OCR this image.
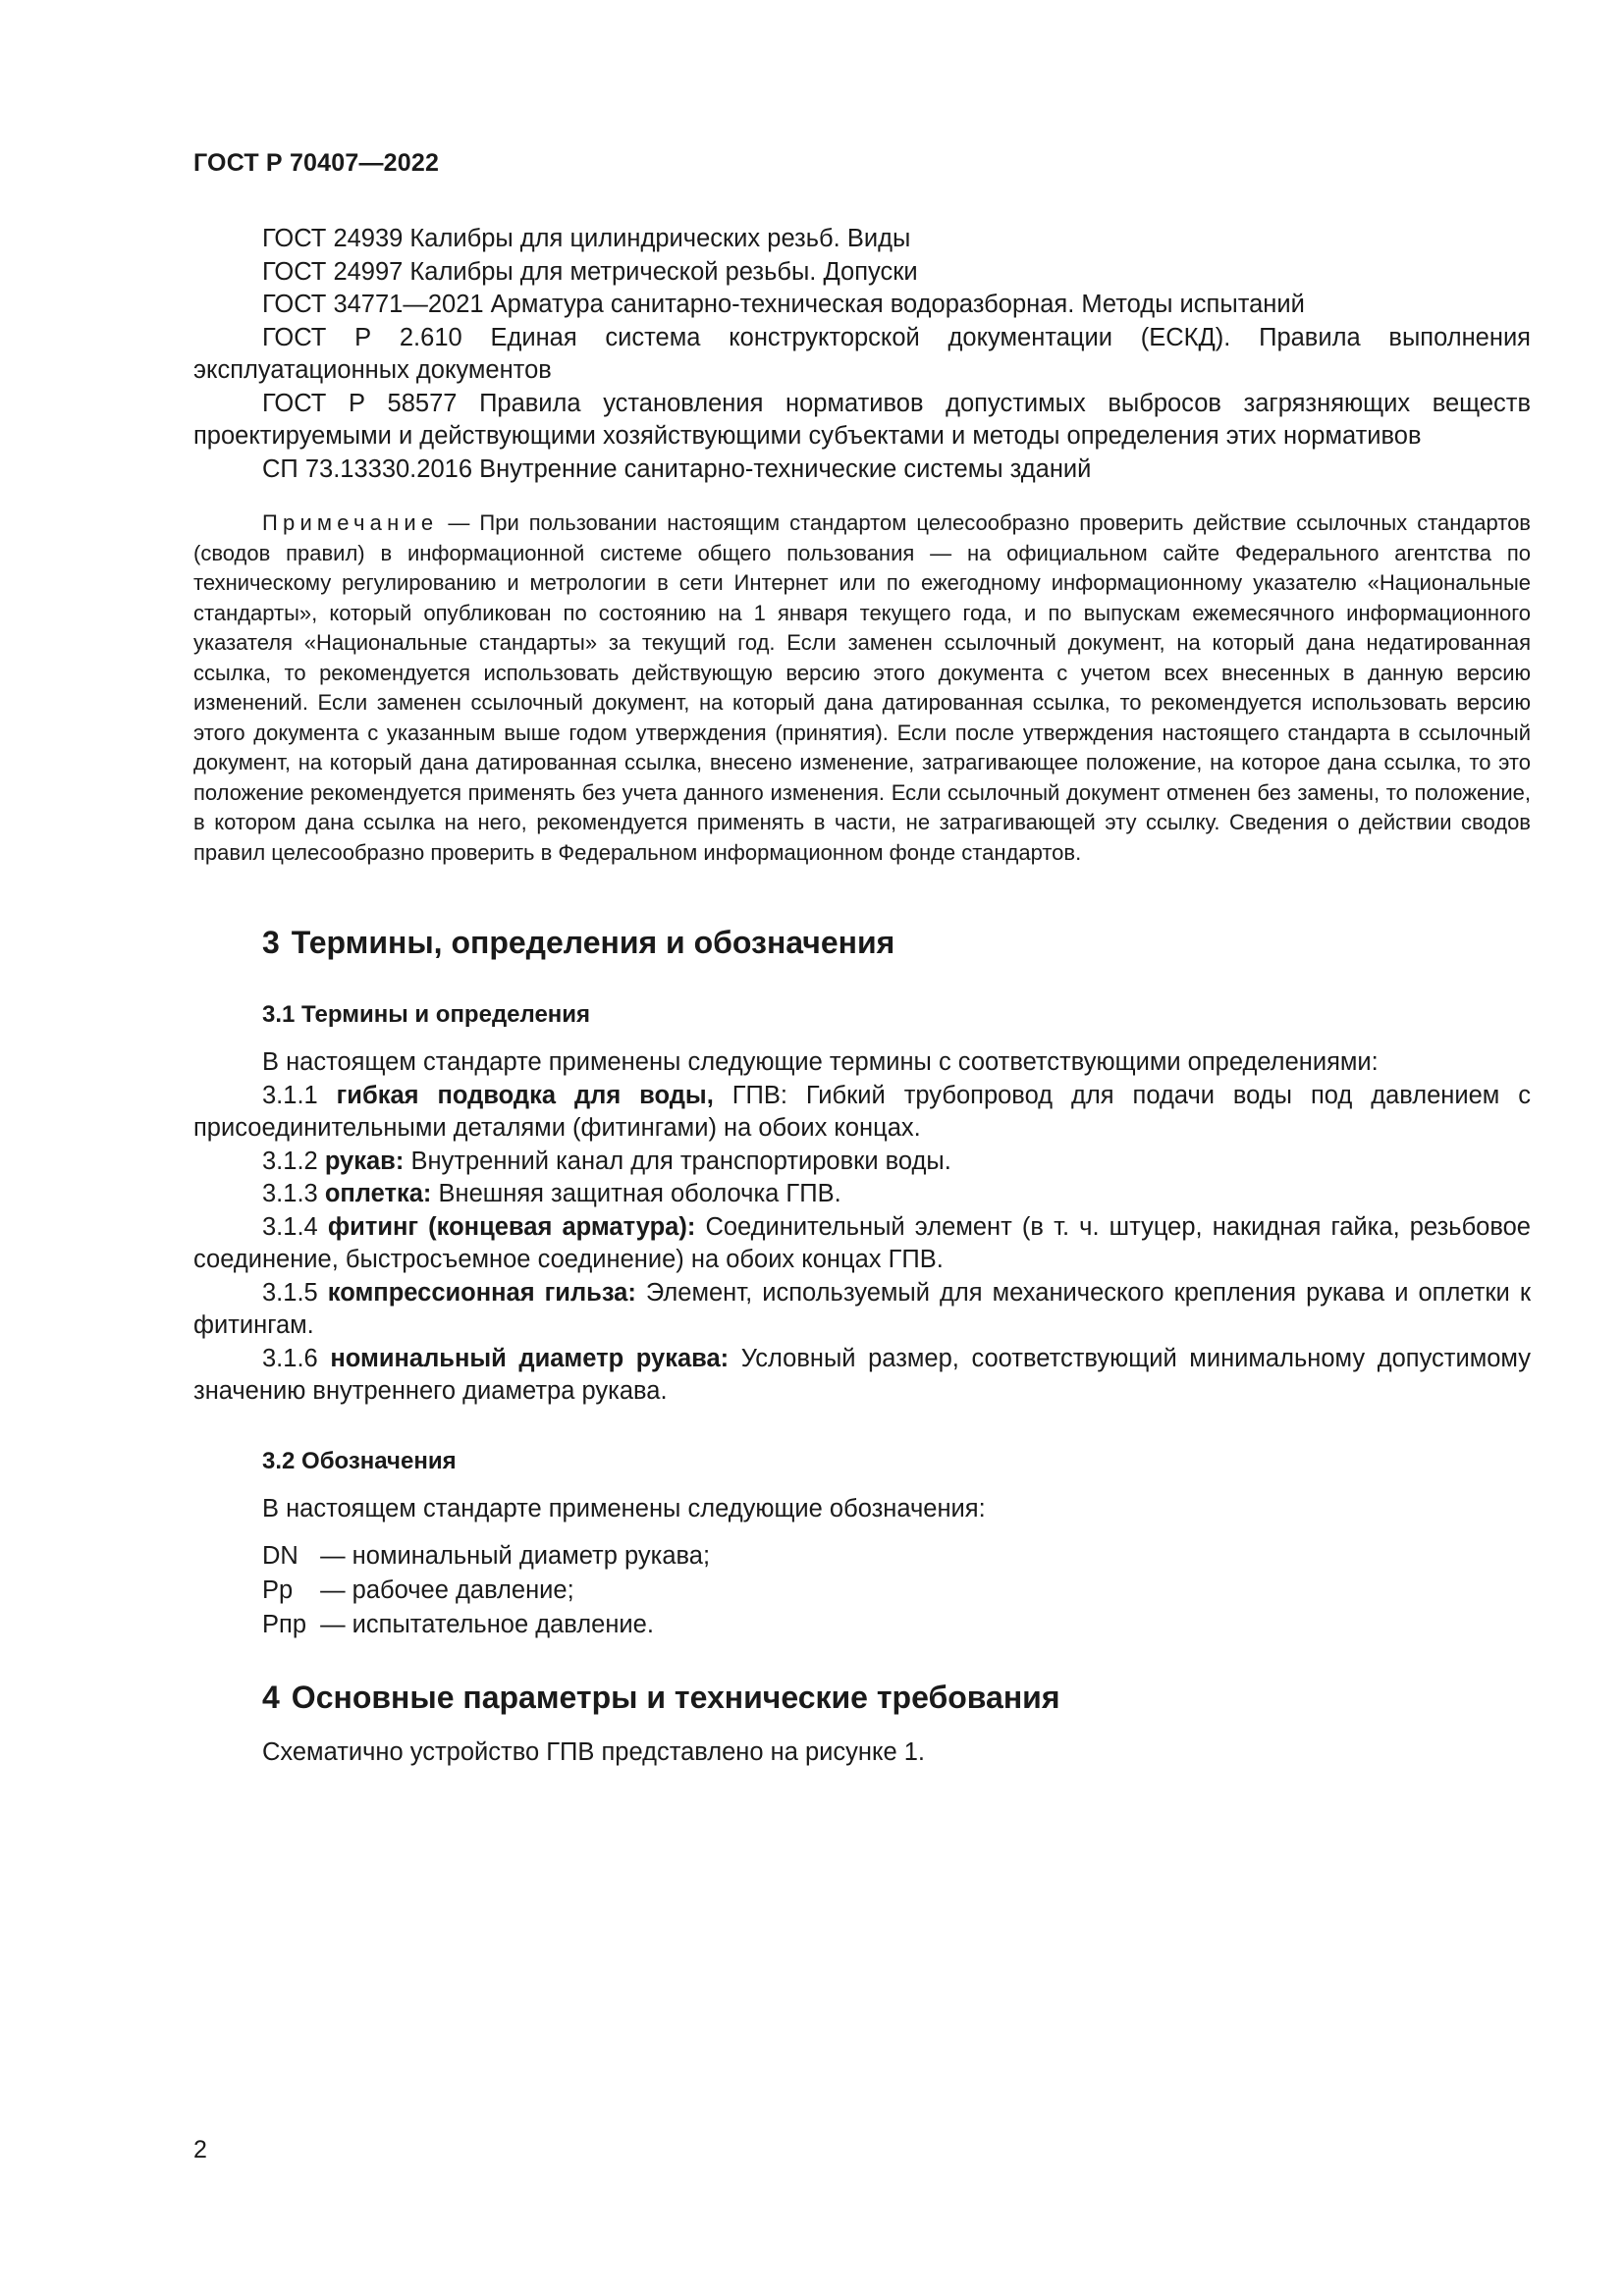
ГОСТ Р 70407—2022

ГОСТ 24939 Калибры для цилиндрических резьб. Виды

ГОСТ 24997 Калибры для метрической резьбы. Допуски

ГОСТ 34771—2021 Арматура санитарно-техническая водоразборная. Методы испытаний

ГОСТ Р 2.610 Единая система конструкторской документации (ЕСКД). Правила выполнения эксплуатационных документов

ГОСТ Р 58577 Правила установления нормативов допустимых выбросов загрязняющих веществ проектируемыми и действующими хозяйствующими субъектами и методы определения этих нормативов

СП 73.13330.2016 Внутренние санитарно-технические системы зданий

Примечание — При пользовании настоящим стандартом целесообразно проверить действие ссылочных стандартов (сводов правил) в информационной системе общего пользования — на официальном сайте Федерального агентства по техническому регулированию и метрологии в сети Интернет или по ежегодному информационному указателю «Национальные стандарты», который опубликован по состоянию на 1 января текущего года, и по выпускам ежемесячного информационного указателя «Национальные стандарты» за текущий год. Если заменен ссылочный документ, на который дана недатированная ссылка, то рекомендуется использовать действующую версию этого документа с учетом всех внесенных в данную версию изменений. Если заменен ссылочный документ, на который дана датированная ссылка, то рекомендуется использовать версию этого документа с указанным выше годом утверждения (принятия). Если после утверждения настоящего стандарта в ссылочный документ, на который дана датированная ссылка, внесено изменение, затрагивающее положение, на которое дана ссылка, то это положение рекомендуется применять без учета данного изменения. Если ссылочный документ отменен без замены, то положение, в котором дана ссылка на него, рекомендуется применять в части, не затрагивающей эту ссылку. Сведения о действии сводов правил целесообразно проверить в Федеральном информационном фонде стандартов.

3 Термины, определения и обозначения
3.1 Термины и определения

В настоящем стандарте применены следующие термины с соответствующими определениями:

3.1.1 гибкая подводка для воды, ГПВ: Гибкий трубопровод для подачи воды под давлением с присоединительными деталями (фитингами) на обоих концах.

3.1.2 рукав: Внутренний канал для транспортировки воды.

3.1.3 оплетка: Внешняя защитная оболочка ГПВ.

3.1.4 фитинг (концевая арматура): Соединительный элемент (в т. ч. штуцер, накидная гайка, резьбовое соединение, быстросъемное соединение) на обоих концах ГПВ.

3.1.5 компрессионная гильза: Элемент, используемый для механического крепления рукава и оплетки к фитингам.

3.1.6 номинальный диаметр рукава: Условный размер, соответствующий минимальному допустимому значению внутреннего диаметра рукава.

3.2 Обозначения

В настоящем стандарте применены следующие обозначения:

DN — номинальный диаметр рукава;
Рр — рабочее давление;
Рпр — испытательное давление.
4 Основные параметры и технические требования

Схематично устройство ГПВ представлено на рисунке 1.

2
